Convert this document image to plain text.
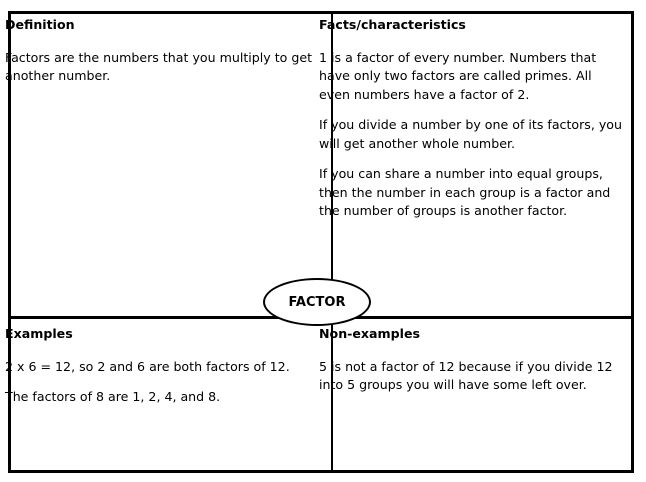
Definition
Factors are the numbers that you multiply to get another number.
Facts/characteristics
1 is a factor of every number. Numbers that have only two factors are called primes. All even numbers have a factor of 2.
If you divide a number by one of its factors, you will get another whole number.
If you can share a number into equal groups, then the number in each group is a factor and the number of groups is another factor.
Examples
2 x 6 = 12, so 2 and 6 are both factors of 12.
The factors of 8 are 1, 2, 4, and 8.
Non-examples
5 is not a factor of 12 because if you divide 12 into 5 groups you will have some left over.
FACTOR
